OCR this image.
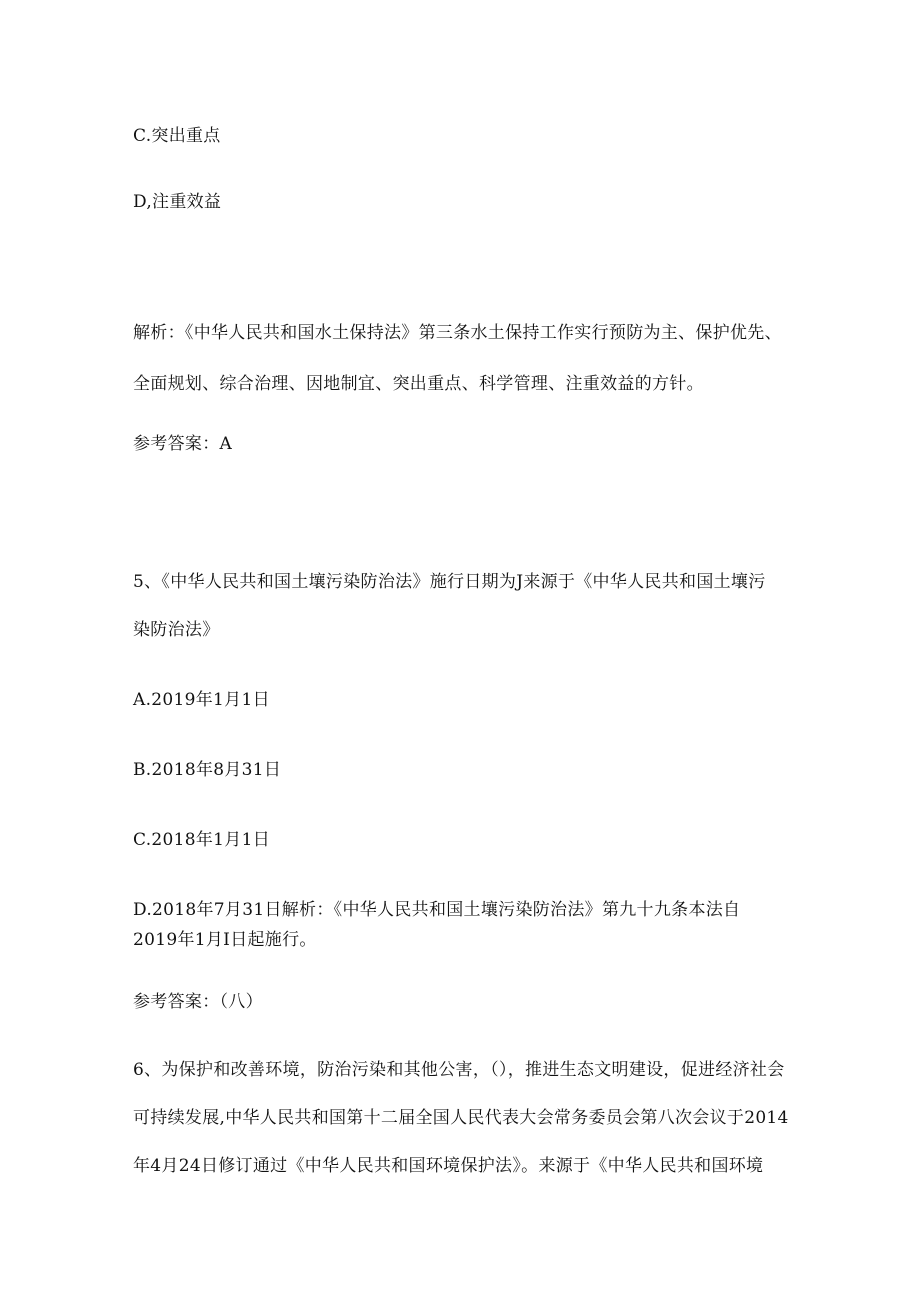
C.突出重点
D,注重效益
解析：《中华人民共和国水土保持法》第三条水土保持工作实行预防为主、保护优先、
全面规划、综合治理、因地制宜、突出重点、科学管理、注重效益的方针。
参考答案：A
5、《中华人民共和国土壤污染防治法》施行日期为J来源于《中华人民共和国土壤污
染防治法》
A.2019年1月1日
B.2018年8月31日
C.2018年1月1日
D.2018年7月31日解析：《中华人民共和国土壤污染防治法》第九十九条本法自
2019年1月I日起施行。
参考答案：（八）
6、为保护和改善环境，防治污染和其他公害，（），推进生态文明建设，促进经济社会
可持续发展,中华人民共和国第十二届全国人民代表大会常务委员会第八次会议于2014
年4月24日修订通过《中华人民共和国环境保护法》。来源于《中华人民共和国环境
